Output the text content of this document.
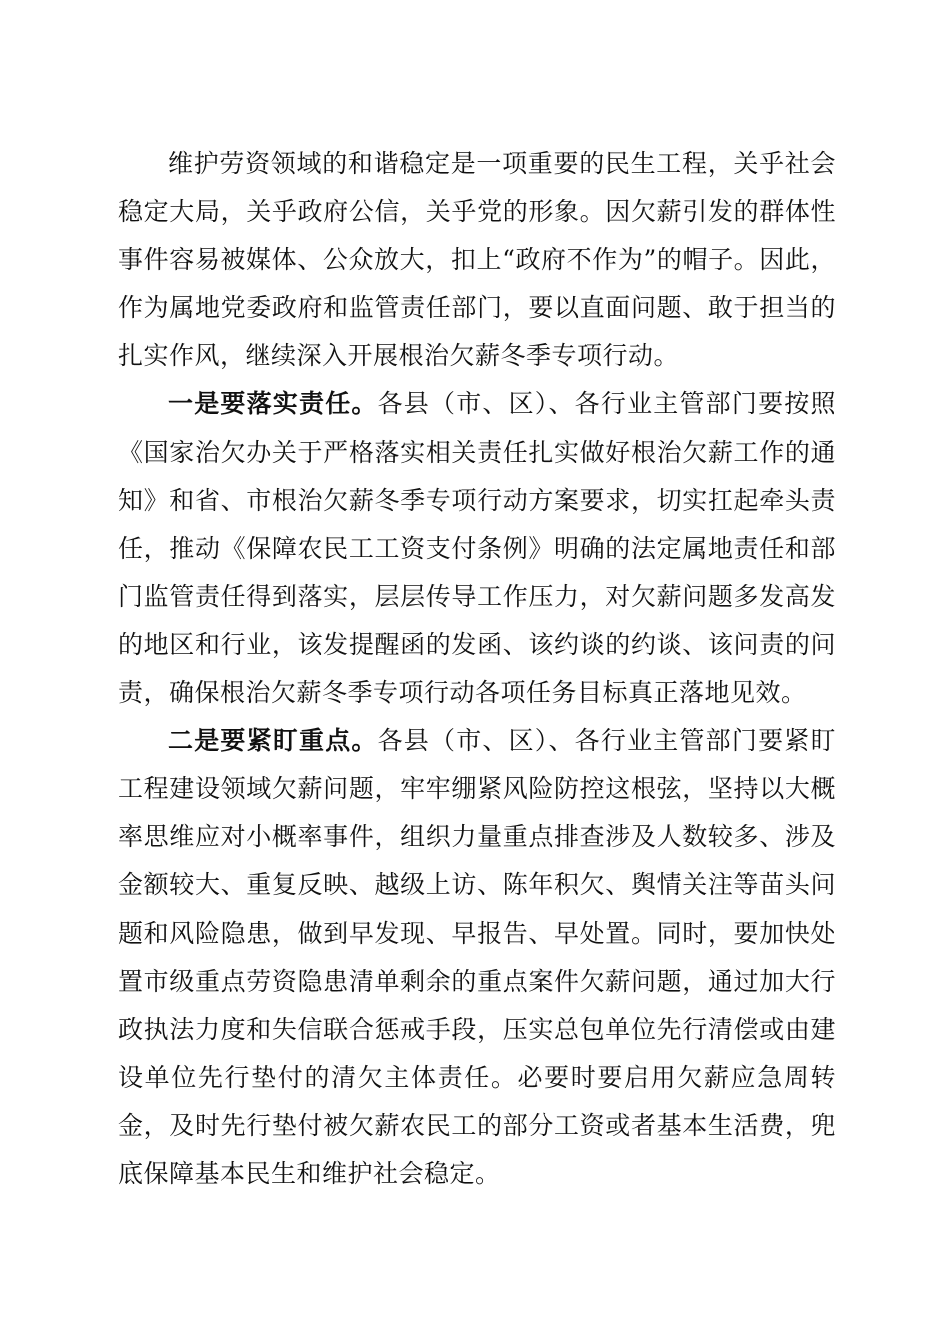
维护劳资领域的和谐稳定是一项重要的民生工程，关乎社会稳定大局，关乎政府公信，关乎党的形象。因欠薪引发的群体性事件容易被媒体、公众放大，扣上“政府不作为”的帽子。因此，作为属地党委政府和监管责任部门，要以直面问题、敢于担当的扎实作风，继续深入开展根治欠薪冬季专项行动。

一是要落实责任。各县（市、区）、各行业主管部门要按照《国家治欠办关于严格落实相关责任扎实做好根治欠薪工作的通知》和省、市根治欠薪冬季专项行动方案要求，切实扛起牵头责任，推动《保障农民工工资支付条例》明确的法定属地责任和部门监管责任得到落实，层层传导工作压力，对欠薪问题多发高发的地区和行业，该发提醒函的发函、该约谈的约谈、该问责的问责，确保根治欠薪冬季专项行动各项任务目标真正落地见效。

二是要紧盯重点。各县（市、区）、各行业主管部门要紧盯工程建设领域欠薪问题，牢牢绷紧风险防控这根弦，坚持以大概率思维应对小概率事件，组织力量重点排查涉及人数较多、涉及金额较大、重复反映、越级上访、陈年积欠、舆情关注等苗头问题和风险隐患，做到早发现、早报告、早处置。同时，要加快处置市级重点劳资隐患清单剩余的重点案件欠薪问题，通过加大行政执法力度和失信联合惩戒手段，压实总包单位先行清偿或由建设单位先行垫付的清欠主体责任。必要时要启用欠薪应急周转金，及时先行垫付被欠薪农民工的部分工资或者基本生活费，兜底保障基本民生和维护社会稳定。
